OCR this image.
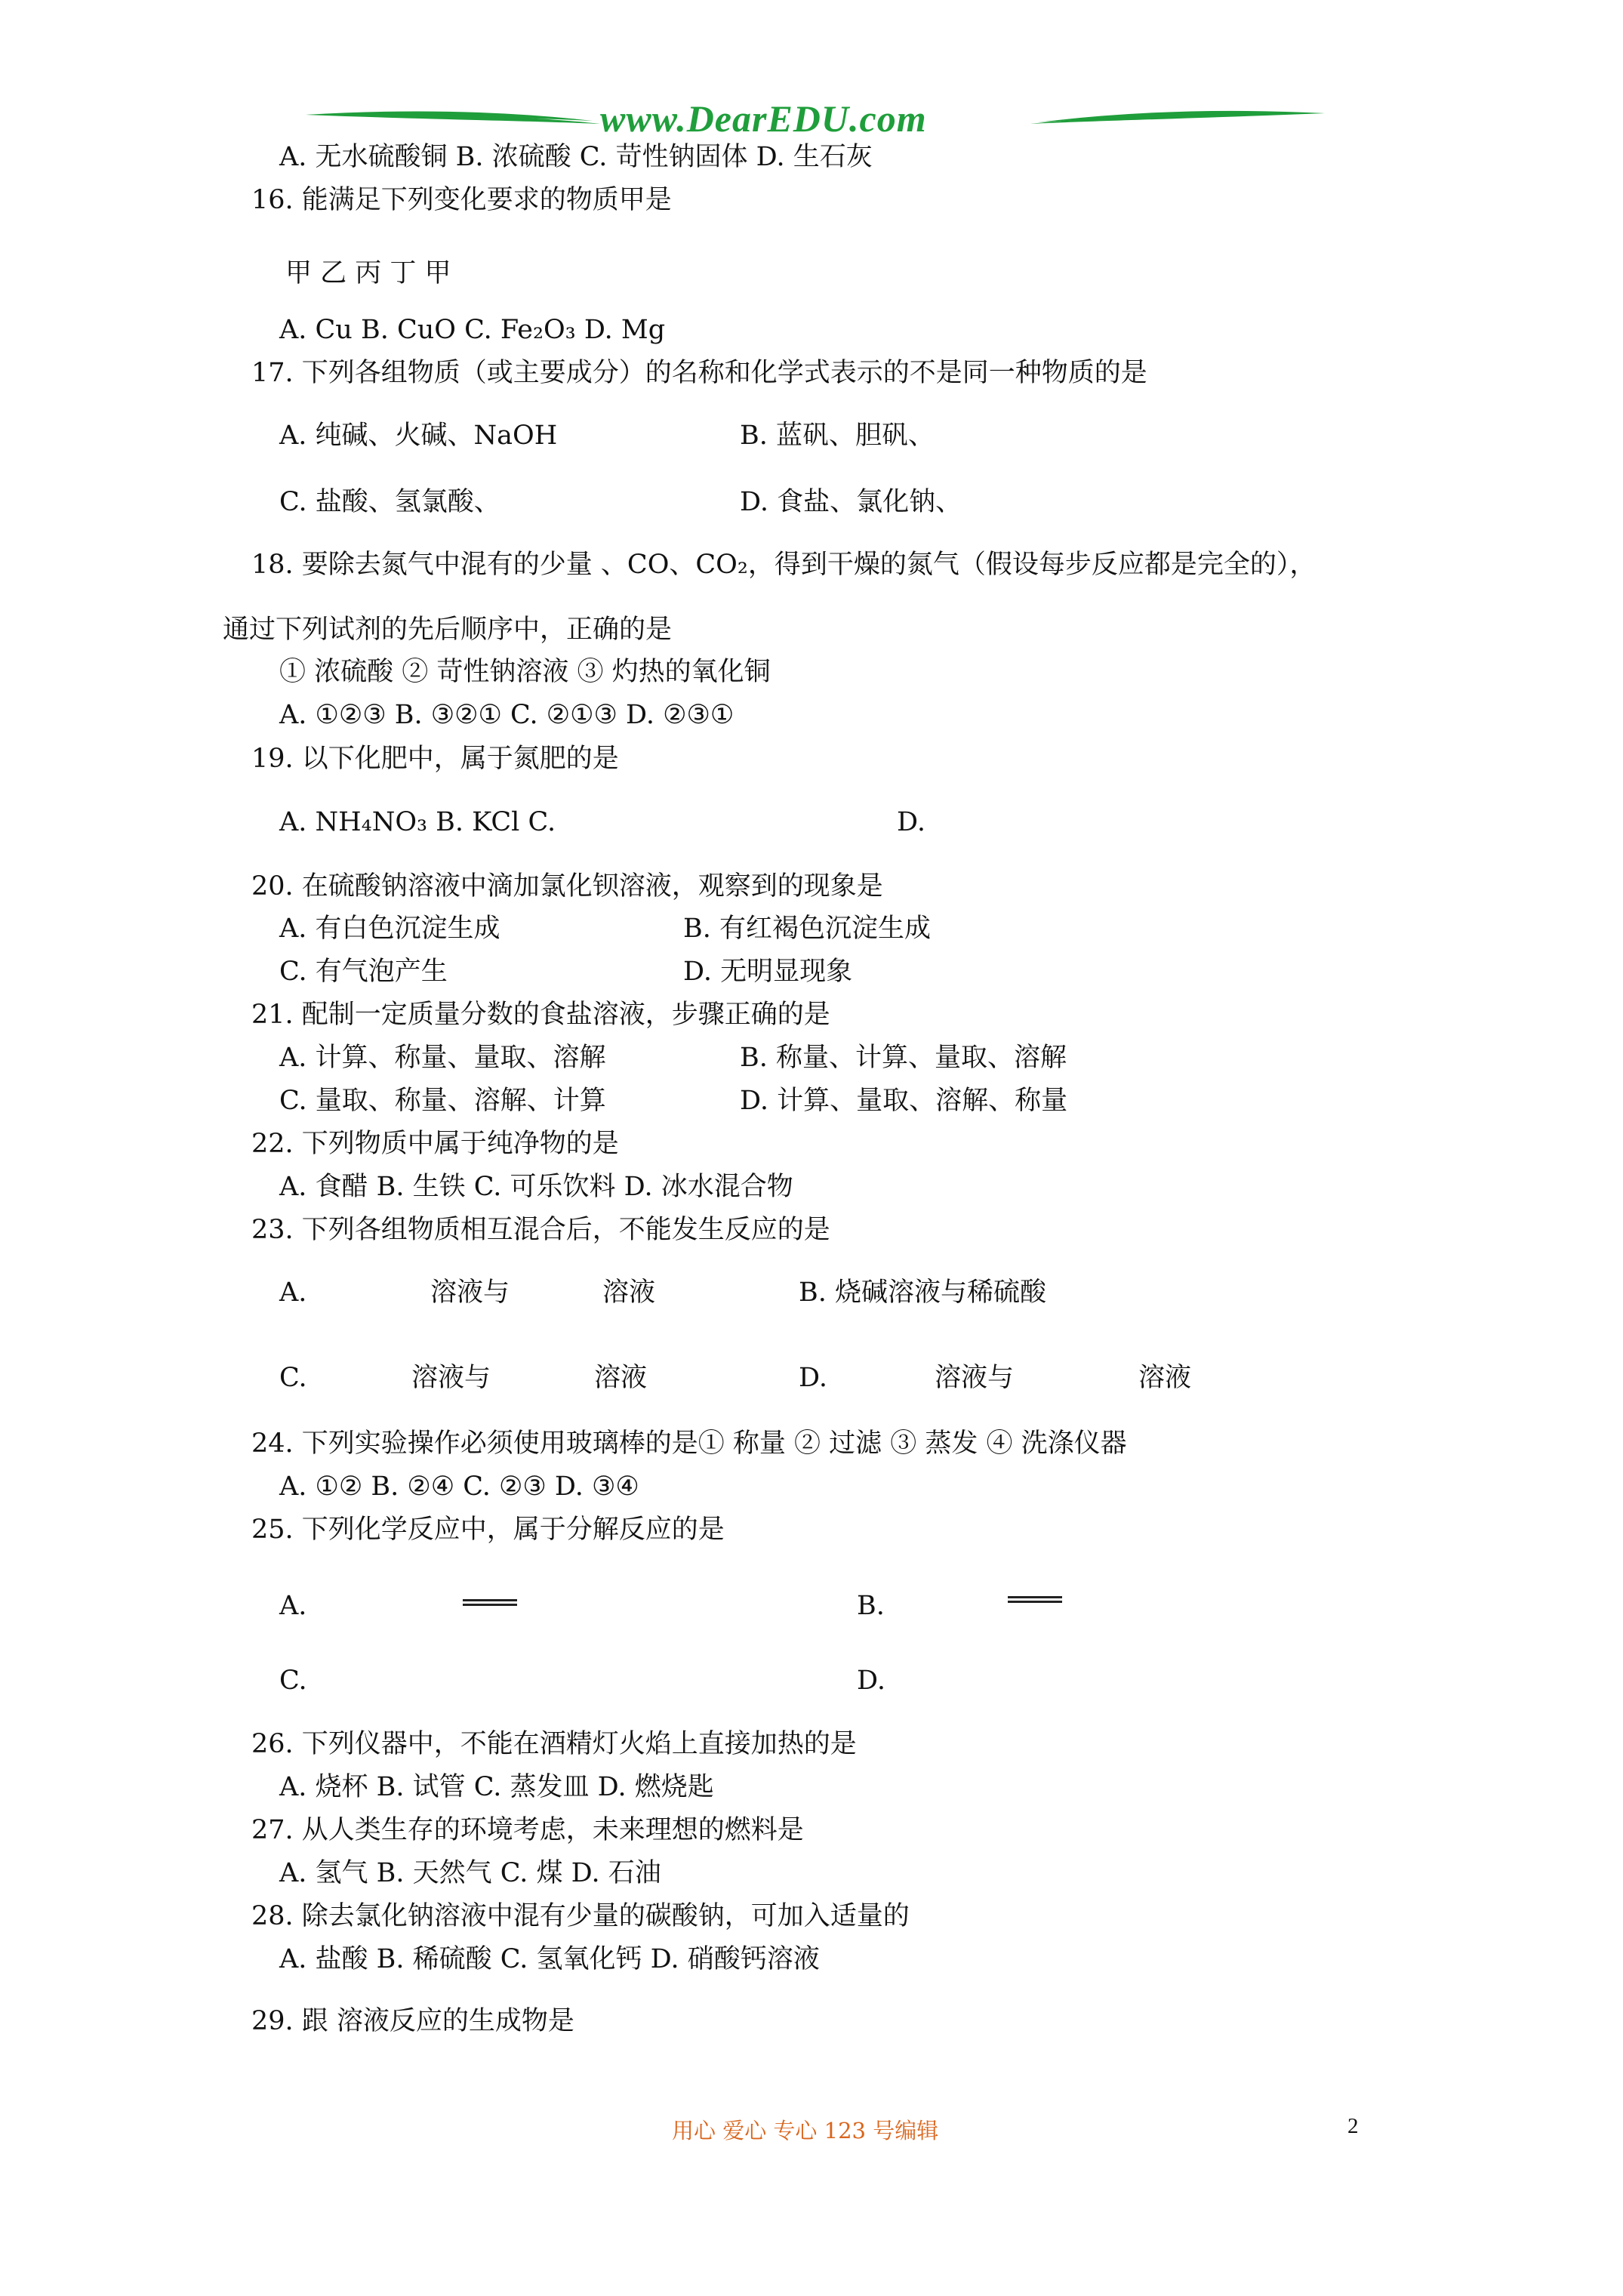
www.DearEDU.com
A. 无水硫酸铜 B. 浓硫酸 C. 苛性钠固体 D. 生石灰
16. 能满足下列变化要求的物质甲是
甲 乙 丙 丁 甲
A. Cu B. CuO C. Fe₂O₃ D. Mg
17. 下列各组物质（或主要成分）的名称和化学式表示的不是同一种物质的是
A. 纯碱、火碱、NaOH	B. 蓝矾、胆矾、
C. 盐酸、氢氯酸、	D. 食盐、氯化钠、
18. 要除去氮气中混有的少量 、CO、CO₂，得到干燥的氮气（假设每步反应都是完全的），
通过下列试剂的先后顺序中，正确的是
① 浓硫酸 ② 苛性钠溶液 ③ 灼热的氧化铜
A. ①②③ B. ③②① C. ②①③ D. ②③①
19. 以下化肥中，属于氮肥的是
A. NH₄NO₃ B. KCl C.	D.
20. 在硫酸钠溶液中滴加氯化钡溶液，观察到的现象是
A. 有白色沉淀生成	B. 有红褐色沉淀生成
C. 有气泡产生	D. 无明显现象
21. 配制一定质量分数的食盐溶液，步骤正确的是
A. 计算、称量、量取、溶解	B. 称量、计算、量取、溶解
C. 量取、称量、溶解、计算	D. 计算、量取、溶解、称量
22. 下列物质中属于纯净物的是
A. 食醋 B. 生铁 C. 可乐饮料 D. 冰水混合物
23. 下列各组物质相互混合后，不能发生反应的是
A.	溶液与	溶液	B. 烧碱溶液与稀硫酸
C.	溶液与	溶液	D.	溶液与	溶液
24. 下列实验操作必须使用玻璃棒的是① 称量 ② 过滤 ③ 蒸发 ④ 洗涤仪器
A. ①② B. ②④ C. ②③ D. ③④
25. 下列化学反应中，属于分解反应的是
A.	B.
C.	D.
26. 下列仪器中，不能在酒精灯火焰上直接加热的是
A. 烧杯 B. 试管 C. 蒸发皿 D. 燃烧匙
27. 从人类生存的环境考虑，未来理想的燃料是
A. 氢气 B. 天然气 C. 煤 D. 石油
28. 除去氯化钠溶液中混有少量的碳酸钠，可加入适量的
A. 盐酸 B. 稀硫酸 C. 氢氧化钙 D. 硝酸钙溶液
29. 跟 溶液反应的生成物是
用心 爱心 专心 123 号编辑	2
